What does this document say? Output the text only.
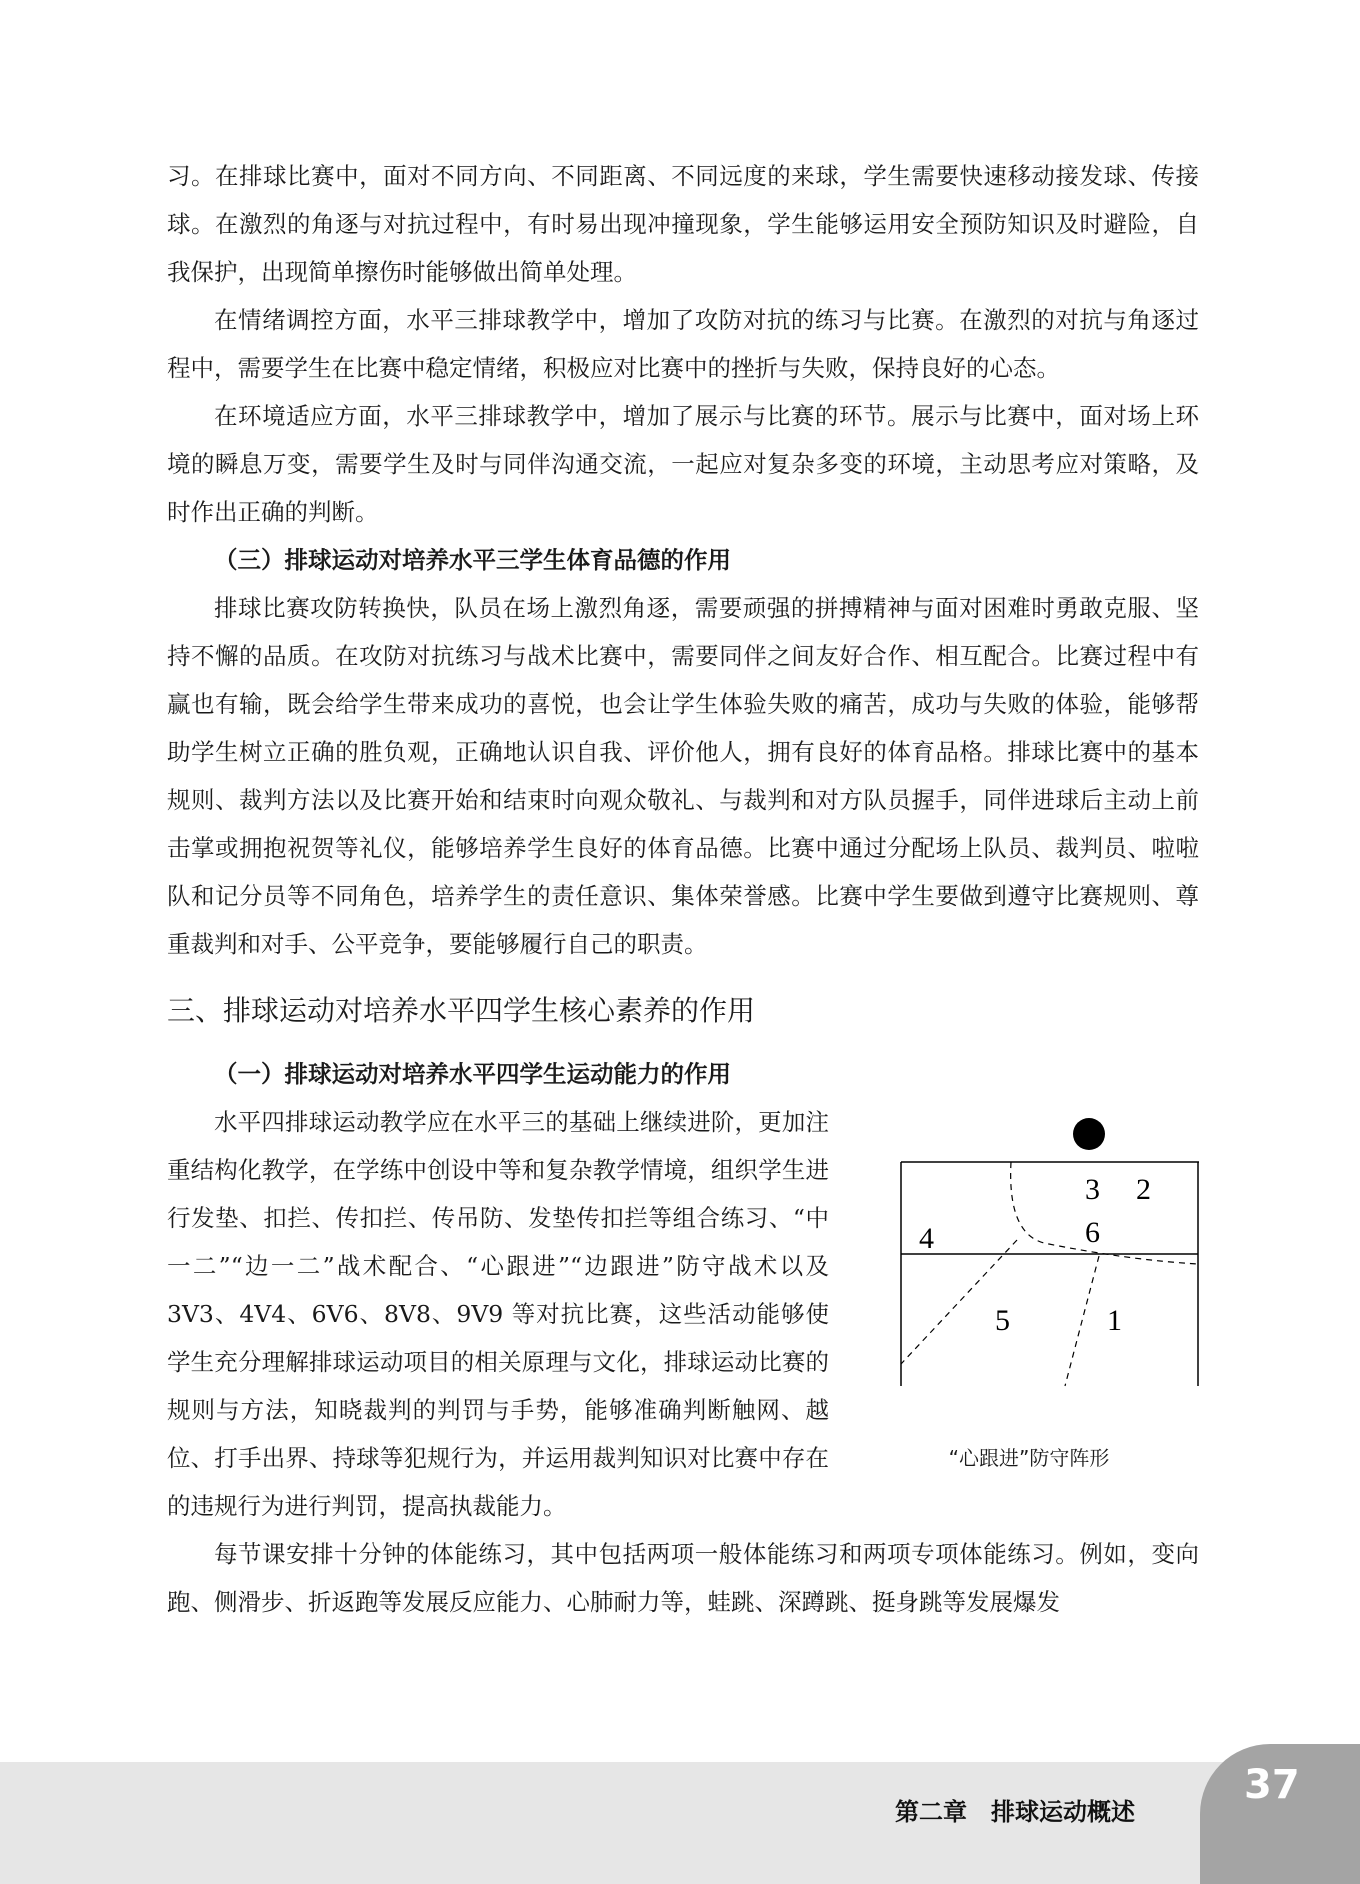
习。在排球比赛中，面对不同方向、不同距离、不同远度的来球，学生需要快速移动接发球、传接球。在激烈的角逐与对抗过程中，有时易出现冲撞现象，学生能够运用安全预防知识及时避险，自我保护，出现简单擦伤时能够做出简单处理。

在情绪调控方面，水平三排球教学中，增加了攻防对抗的练习与比赛。在激烈的对抗与角逐过程中，需要学生在比赛中稳定情绪，积极应对比赛中的挫折与失败，保持良好的心态。

在环境适应方面，水平三排球教学中，增加了展示与比赛的环节。展示与比赛中，面对场上环境的瞬息万变，需要学生及时与同伴沟通交流，一起应对复杂多变的环境，主动思考应对策略，及时作出正确的判断。

（三）排球运动对培养水平三学生体育品德的作用

排球比赛攻防转换快，队员在场上激烈角逐，需要顽强的拼搏精神与面对困难时勇敢克服、坚持不懈的品质。在攻防对抗练习与战术比赛中，需要同伴之间友好合作、相互配合。比赛过程中有赢也有输，既会给学生带来成功的喜悦，也会让学生体验失败的痛苦，成功与失败的体验，能够帮助学生树立正确的胜负观，正确地认识自我、评价他人，拥有良好的体育品格。排球比赛中的基本规则、裁判方法以及比赛开始和结束时向观众敬礼、与裁判和对方队员握手，同伴进球后主动上前击掌或拥抱祝贺等礼仪，能够培养学生良好的体育品德。比赛中通过分配场上队员、裁判员、啦啦队和记分员等不同角色，培养学生的责任意识、集体荣誉感。比赛中学生要做到遵守比赛规则、尊重裁判和对手、公平竞争，要能够履行自己的职责。

三、排球运动对培养水平四学生核心素养的作用

（一）排球运动对培养水平四学生运动能力的作用

3 2
6
4
5	1
“心跟进”防守阵形

水平四排球运动教学应在水平三的基础上继续进阶，更加注重结构化教学，在学练中创设中等和复杂教学情境，组织学生进行发垫、扣拦、传扣拦、传吊防、发垫传扣拦等组合练习、“中一二”“边一二”战术配合、“心跟进”“边跟进”防守战术以及 3V3、4V4、6V6、8V8、9V9 等对抗比赛，这些活动能够使学生充分理解排球运动项目的相关原理与文化，排球运动比赛的规则与方法，知晓裁判的判罚与手势，能够准确判断触网、越位、打手出界、持球等犯规行为，并运用裁判知识对比赛中存在的违规行为进行判罚，提高执裁能力。

每节课安排十分钟的体能练习，其中包括两项一般体能练习和两项专项体能练习。例如，变向跑、侧滑步、折返跑等发展反应能力、心肺耐力等，蛙跳、深蹲跳、挺身跳等发展爆发

第二章　排球运动概述
37
